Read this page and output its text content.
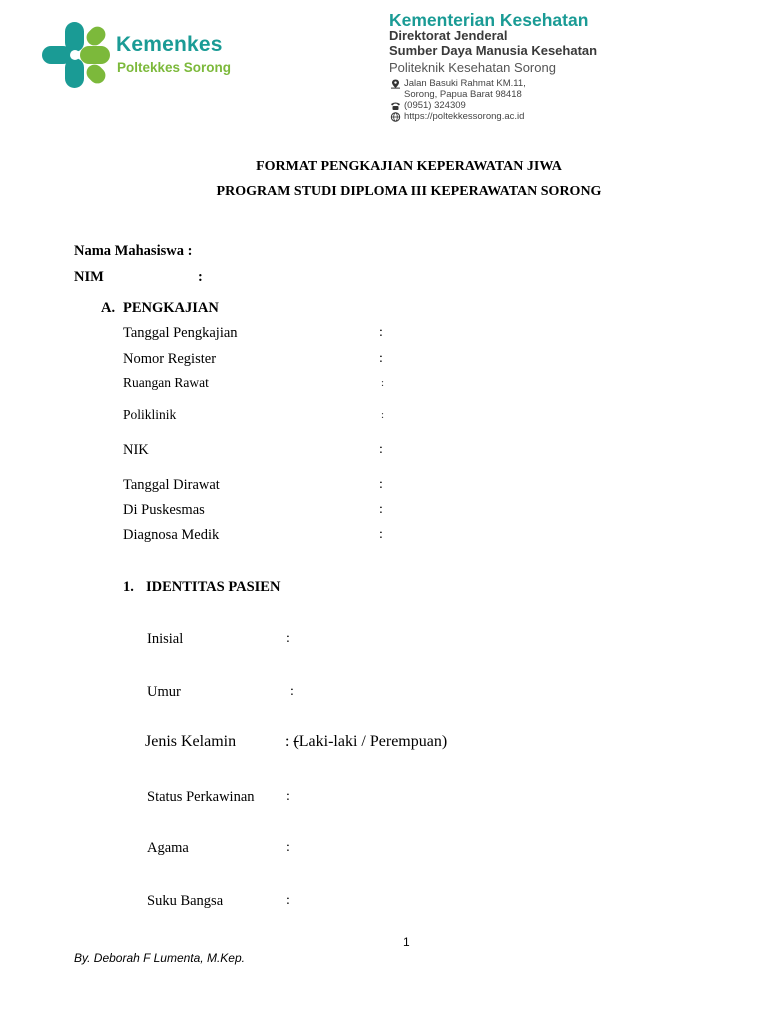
Kemenkes
Poltekkes Sorong
Kementerian Kesehatan
Direktorat Jenderal
Sumber Daya Manusia Kesehatan
Politeknik Kesehatan Sorong
Jalan Basuki Rahmat KM.11,
Sorong, Papua Barat 98418
(0951) 324309
https://poltekkessorong.ac.id
FORMAT PENGKAJIAN KEPERAWATAN JIWA
PROGRAM STUDI DIPLOMA III KEPERAWATAN SORONG
Nama Mahasiswa :
NIM	:
A. PENGKAJIAN
Tanggal Pengkajian	:
Nomor Register	:
Ruangan Rawat	:
Poliklinik	:
NIK	:
Tanggal Dirawat	:
Di Puskesmas	:
Diagnosa Medik	:
1. IDENTITAS PASIEN
Inisial	:
Umur	:
Jenis Kelamin	: (Laki-laki / Perempuan)
Status Perkawinan :
Agama	:
Suku Bangsa	:
1
By. Deborah F Lumenta, M.Kep.
